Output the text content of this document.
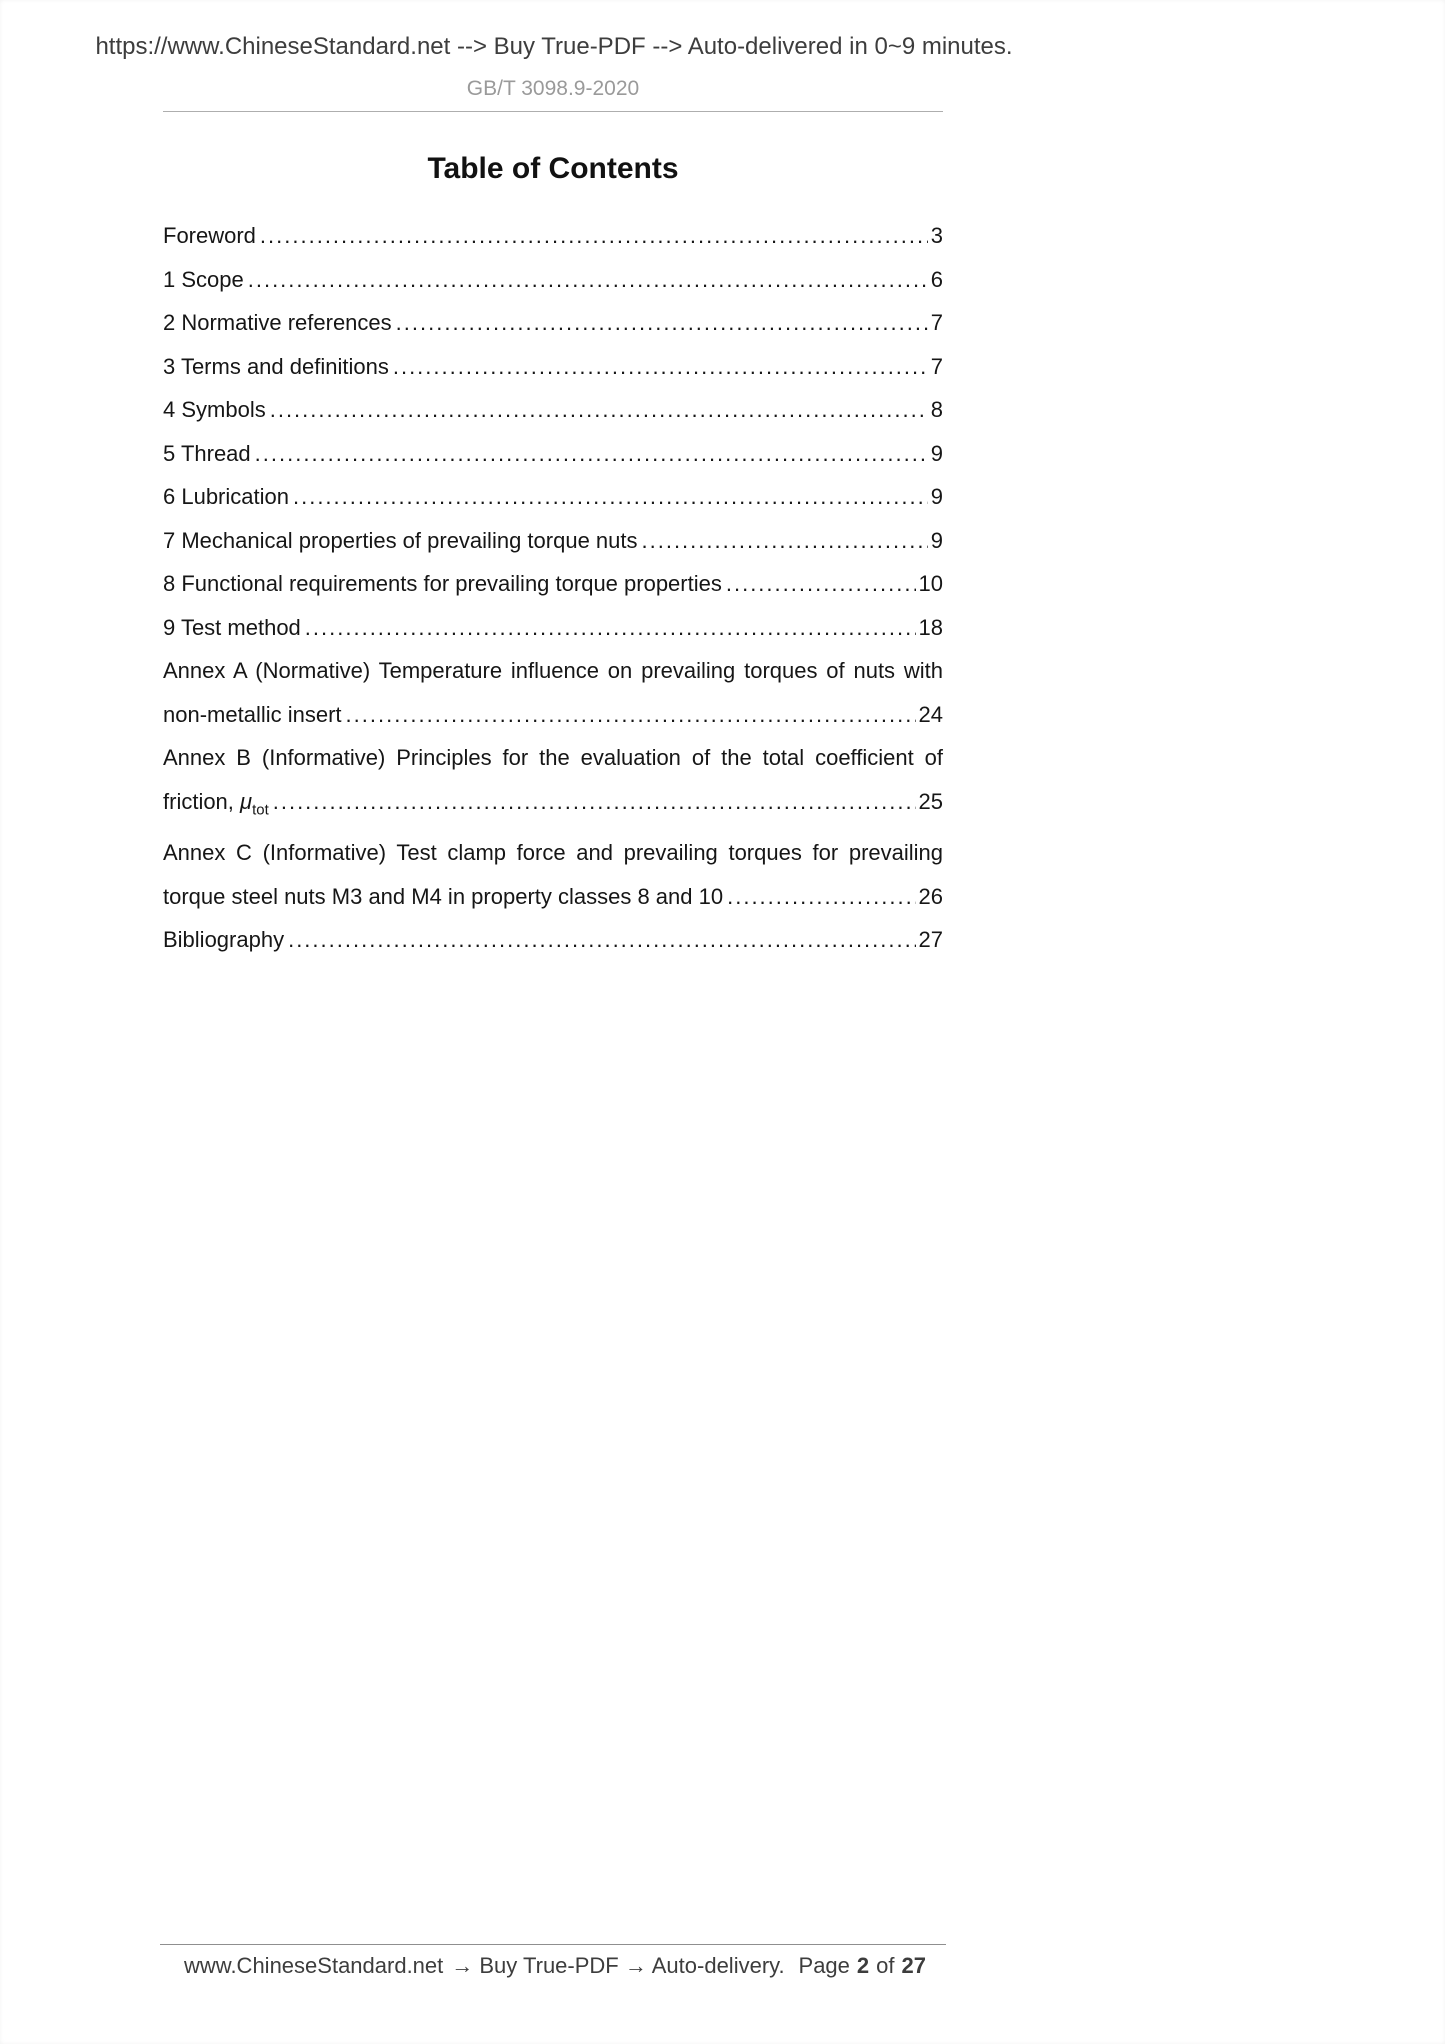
https://www.ChineseStandard.net --> Buy True-PDF --> Auto-delivered in 0~9 minutes.
GB/T 3098.9-2020
Table of Contents
Foreword .....	3
1 Scope .....	6
2 Normative references .....	7
3 Terms and definitions .....	7
4 Symbols .....	8
5 Thread .....	9
6 Lubrication .....	9
7 Mechanical properties of prevailing torque nuts .....	9
8 Functional requirements for prevailing torque properties .....	10
9 Test method .....	18
Annex A (Normative) Temperature influence on prevailing torques of nuts with
non-metallic insert .....	24
Annex B (Informative) Principles for the evaluation of the total coefficient of
friction, $\mu_{tot}$ .....	25
Annex C (Informative) Test clamp force and prevailing torques for prevailing
torque steel nuts M3 and M4 in property classes 8 and 10 .....	26
Bibliography .....	27
www.ChineseStandard.net → Buy True-PDF → Auto-delivery. Page 2 of 27
